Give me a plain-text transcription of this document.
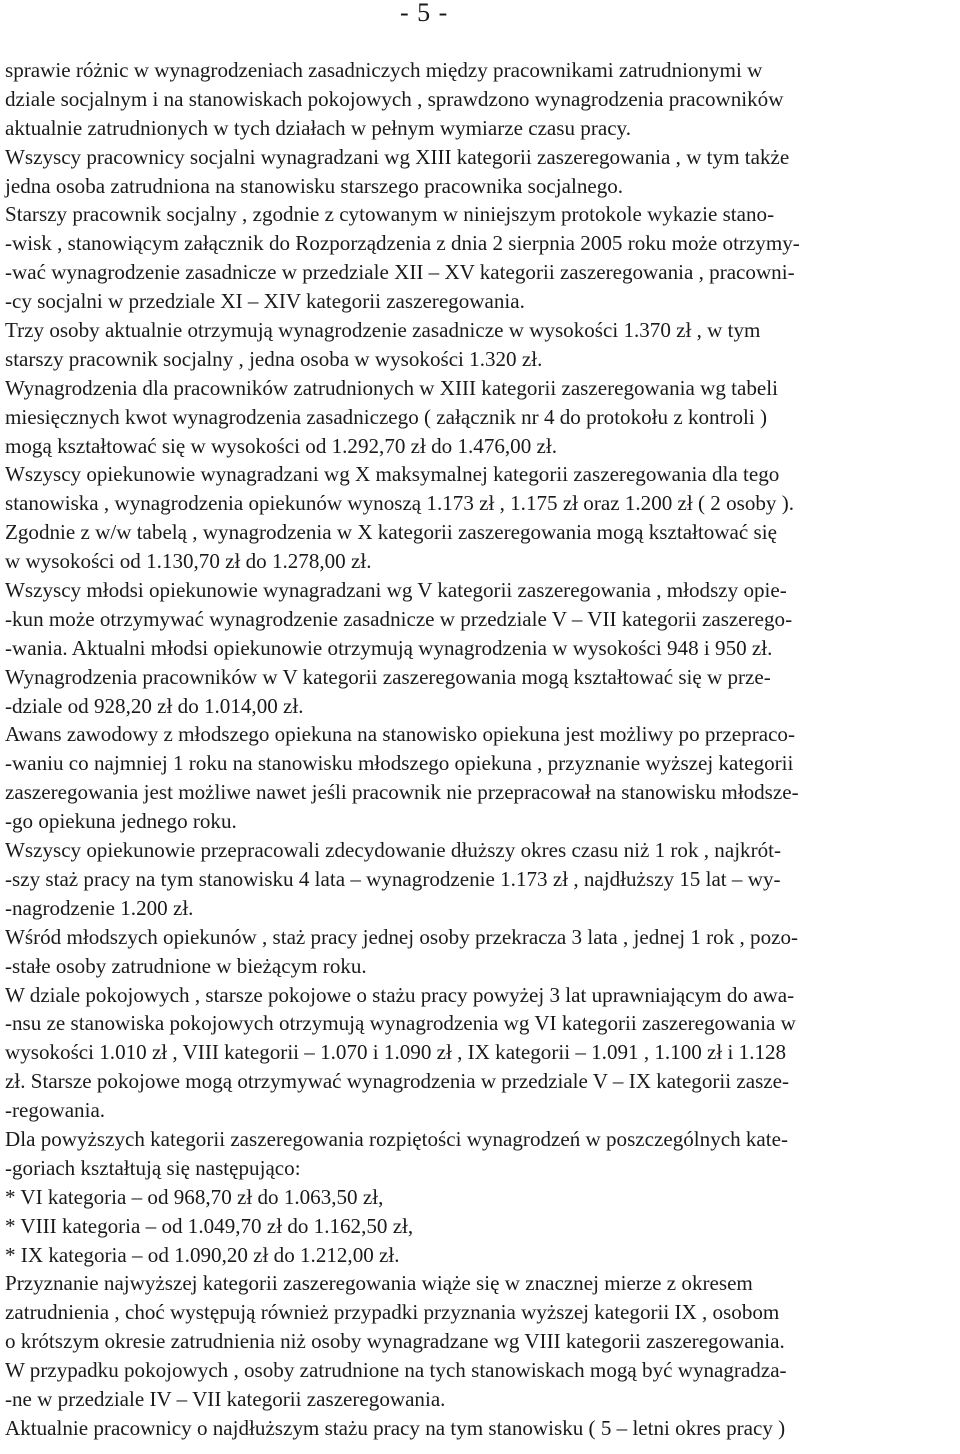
- 5 -
sprawie różnic w wynagrodzeniach zasadniczych między pracownikami zatrudnionymi w
dziale socjalnym i na stanowiskach pokojowych , sprawdzono wynagrodzenia pracowników
aktualnie zatrudnionych w tych działach w pełnym wymiarze czasu pracy.
Wszyscy pracownicy socjalni wynagradzani wg XIII kategorii zaszeregowania , w tym także
jedna osoba zatrudniona na stanowisku starszego pracownika socjalnego.
Starszy pracownik socjalny , zgodnie z cytowanym w niniejszym protokole wykazie stano-
-wisk , stanowiącym załącznik do Rozporządzenia z dnia 2 sierpnia 2005 roku może otrzymy-
-wać wynagrodzenie zasadnicze w przedziale XII – XV kategorii zaszeregowania , pracowni-
-cy socjalni w przedziale XI – XIV kategorii zaszeregowania.
Trzy osoby aktualnie otrzymują wynagrodzenie zasadnicze w wysokości 1.370 zł , w tym
starszy pracownik socjalny , jedna osoba w wysokości 1.320 zł.
Wynagrodzenia dla pracowników zatrudnionych w XIII kategorii zaszeregowania wg tabeli
miesięcznych kwot wynagrodzenia zasadniczego ( załącznik nr 4 do protokołu z kontroli )
mogą kształtować się w wysokości od 1.292,70 zł do 1.476,00 zł.
Wszyscy opiekunowie wynagradzani wg X maksymalnej kategorii zaszeregowania dla tego
stanowiska , wynagrodzenia opiekunów wynoszą 1.173 zł , 1.175 zł oraz 1.200 zł ( 2 osoby ).
Zgodnie z w/w tabelą , wynagrodzenia w X kategorii zaszeregowania mogą kształtować się
w wysokości od 1.130,70 zł do 1.278,00 zł.
Wszyscy młodsi opiekunowie wynagradzani wg V kategorii zaszeregowania , młodszy opie-
-kun może otrzymywać wynagrodzenie zasadnicze w przedziale V – VII kategorii zaszerego-
-wania. Aktualni młodsi opiekunowie otrzymują wynagrodzenia w wysokości 948 i 950 zł.
Wynagrodzenia pracowników w V kategorii zaszeregowania mogą kształtować się w prze-
-dziale od 928,20 zł do 1.014,00 zł.
Awans zawodowy z młodszego opiekuna na stanowisko opiekuna jest możliwy po przepraco-
-waniu co najmniej 1 roku na stanowisku młodszego opiekuna , przyznanie wyższej kategorii
zaszeregowania jest możliwe nawet jeśli pracownik nie przepracował na stanowisku młodsze-
-go opiekuna jednego roku.
Wszyscy opiekunowie przepracowali zdecydowanie dłuższy okres czasu niż 1 rok , najkrót-
-szy staż pracy na tym stanowisku 4 lata – wynagrodzenie 1.173 zł , najdłuższy 15 lat – wy-
-nagrodzenie 1.200 zł.
Wśród młodszych opiekunów , staż pracy jednej osoby przekracza 3 lata , jednej 1 rok , pozo-
-stałe osoby zatrudnione w bieżącym roku.
W dziale pokojowych , starsze pokojowe o stażu pracy powyżej 3 lat uprawniającym do awa-
-nsu ze stanowiska pokojowych otrzymują wynagrodzenia wg VI kategorii zaszeregowania w
wysokości 1.010 zł , VIII kategorii – 1.070 i 1.090 zł , IX kategorii – 1.091 , 1.100 zł i 1.128
zł. Starsze pokojowe mogą otrzymywać wynagrodzenia w przedziale V – IX kategorii zasze-
-regowania.
Dla powyższych kategorii zaszeregowania rozpiętości wynagrodzeń w poszczególnych kate-
-goriach kształtują się następująco:
* VI kategoria – od 968,70 zł do 1.063,50 zł,
* VIII kategoria – od 1.049,70 zł do 1.162,50 zł,
* IX kategoria – od 1.090,20 zł do 1.212,00 zł.
Przyznanie najwyższej kategorii zaszeregowania wiąże się w znacznej mierze z okresem
zatrudnienia , choć występują również przypadki przyznania wyższej kategorii IX , osobom
o krótszym okresie zatrudnienia niż osoby wynagradzane wg VIII kategorii zaszeregowania.
W przypadku pokojowych , osoby zatrudnione na tych stanowiskach mogą być wynagradza-
-ne w przedziale IV – VII kategorii zaszeregowania.
Aktualnie pracownicy o najdłuższym stażu pracy na tym stanowisku ( 5 – letni okres pracy )
